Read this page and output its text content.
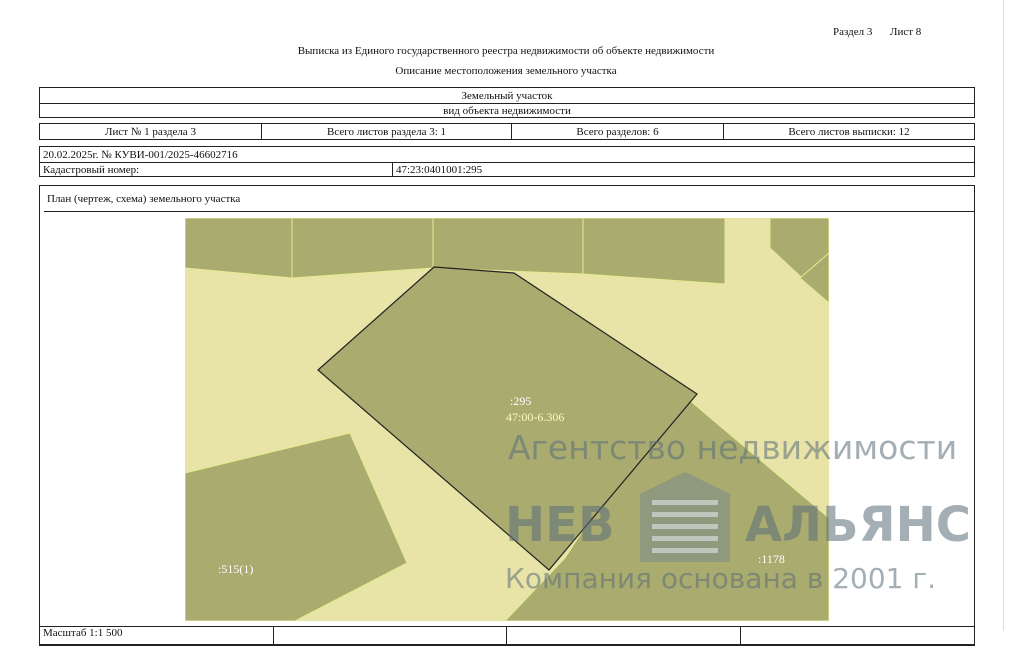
Раздел 3 Лист 8
Выписка из Единого государственного реестра недвижимости об объекте недвижимости
Описание местоположения земельного участка
Земельный участок
вид объекта недвижимости
Лист № 1 раздела 3	Всего листов раздела 3: 1	Всего разделов: 6	Всего листов выписки: 12
20.02.2025г. № КУВИ-001/2025-46602716
Кадастровый номер:	47:23:0401001:295
План (чертеж, схема) земельного участка
:295
47:00-6.306
:1178
:515(1)
Агентство недвижимости
НЕВ	АЛЬЯНС
Компания основана в 2001 г.
Масштаб 1:1 500
